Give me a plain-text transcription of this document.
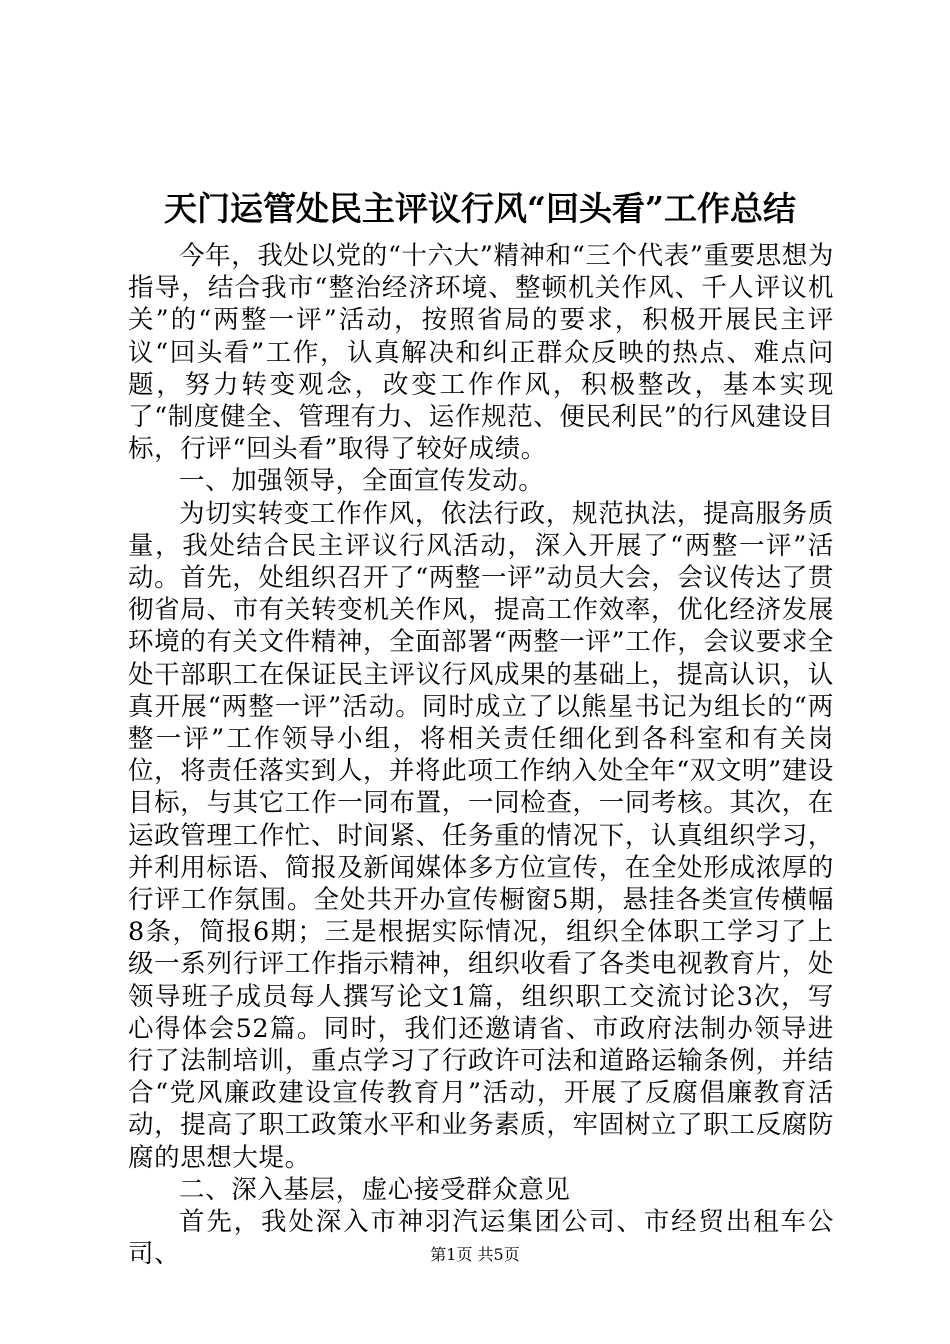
天门运管处民主评议行风“回头看”工作总结

今年，我处以党的“十六大”精神和“三个代表”重要思想为指导，结合我市“整治经济环境、整顿机关作风、千人评议机关”的“两整一评”活动，按照省局的要求，积极开展民主评议“回头看”工作，认真解决和纠正群众反映的热点、难点问题，努力转变观念，改变工作作风，积极整改，基本实现了“制度健全、管理有力、运作规范、便民利民”的行风建设目标，行评“回头看”取得了较好成绩。

一、加强领导，全面宣传发动。

为切实转变工作作风，依法行政，规范执法，提高服务质量，我处结合民主评议行风活动，深入开展了“两整一评”活动。首先，处组织召开了“两整一评”动员大会，会议传达了贯彻省局、市有关转变机关作风，提高工作效率，优化经济发展环境的有关文件精神，全面部署“两整一评”工作，会议要求全处干部职工在保证民主评议行风成果的基础上，提高认识，认真开展“两整一评”活动。同时成立了以熊星书记为组长的“两整一评”工作领导小组，将相关责任细化到各科室和有关岗位，将责任落实到人，并将此项工作纳入处全年“双文明”建设目标，与其它工作一同布置，一同检查，一同考核。其次，在运政管理工作忙、时间紧、任务重的情况下，认真组织学习，并利用标语、简报及新闻媒体多方位宣传，在全处形成浓厚的行评工作氛围。全处共开办宣传橱窗5期，悬挂各类宣传横幅8条，简报6期；三是根据实际情况，组织全体职工学习了上级一系列行评工作指示精神，组织收看了各类电视教育片，处领导班子成员每人撰写论文1篇，组织职工交流讨论3次，写心得体会52篇。同时，我们还邀请省、市政府法制办领导进行了法制培训，重点学习了行政许可法和道路运输条例，并结合“党风廉政建设宣传教育月”活动，开展了反腐倡廉教育活动，提高了职工政策水平和业务素质，牢固树立了职工反腐防腐的思想大堤。

二、深入基层，虚心接受群众意见

首先，我处深入市神羽汽运集团公司、市经贸出租车公司、	第1页 共5页
